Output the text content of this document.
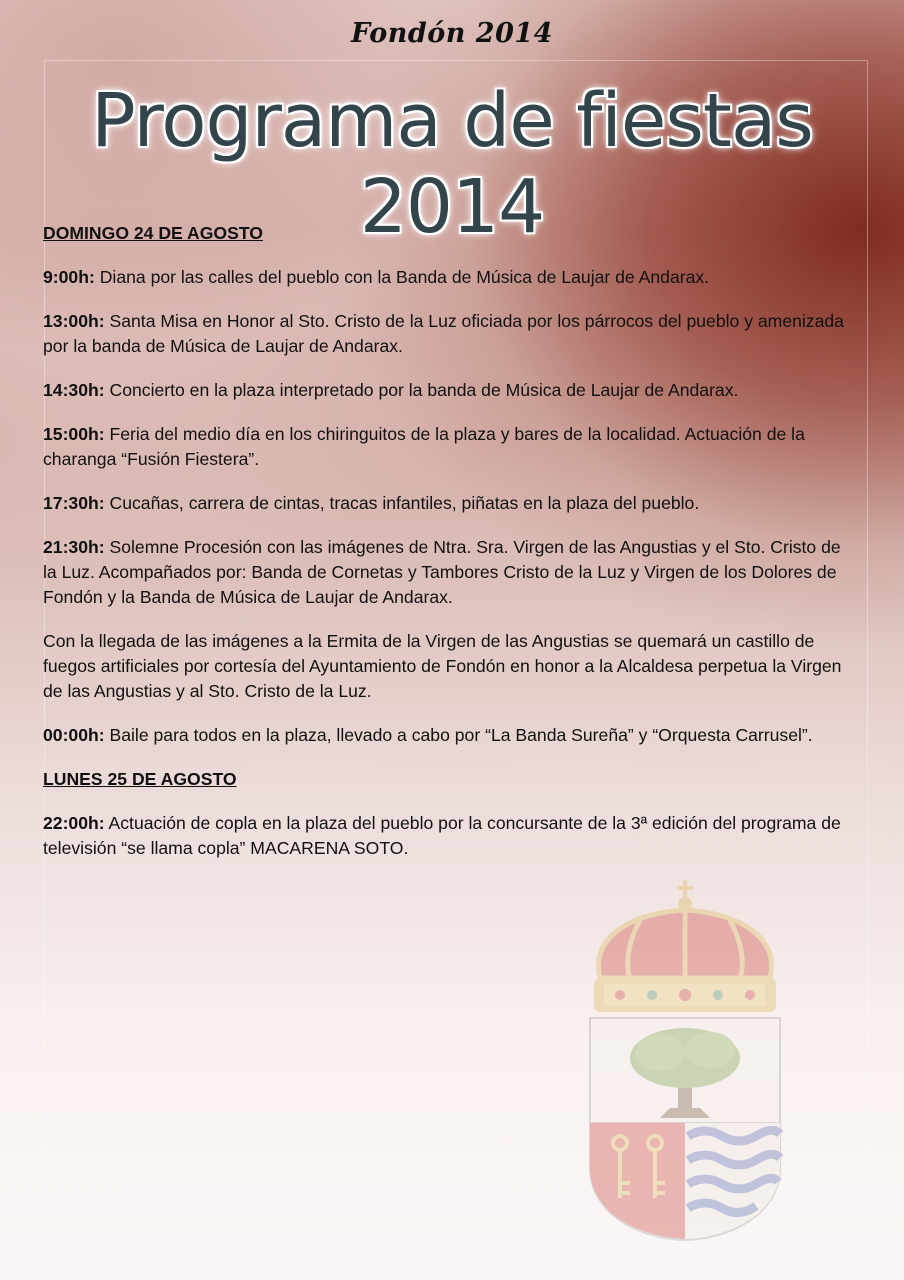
Fondón 2014
Programa de fiestas 2014
DOMINGO 24 DE AGOSTO
9:00h: Diana por las calles del pueblo con la Banda de Música de Laujar de Andarax.
13:00h: Santa Misa en Honor al Sto. Cristo de la Luz oficiada por los párrocos del pueblo y amenizada por la banda de Música de Laujar de Andarax.
14:30h: Concierto en la plaza interpretado por la banda de Música de Laujar de Andarax.
15:00h: Feria del medio día en los chiringuitos de la plaza y bares de la localidad. Actuación de la charanga “Fusión Fiestera”.
17:30h: Cucañas, carrera de cintas, tracas infantiles, piñatas en la plaza del pueblo.
21:30h: Solemne Procesión con las imágenes de Ntra. Sra. Virgen de las Angustias y el Sto. Cristo de la Luz. Acompañados por: Banda de Cornetas y Tambores Cristo de la Luz y Virgen de los Dolores de Fondón y la Banda de Música de Laujar de Andarax.
Con la llegada de las imágenes a la Ermita de la Virgen de las Angustias se quemará un castillo de fuegos artificiales por cortesía del Ayuntamiento de Fondón en honor a la Alcaldesa perpetua la Virgen de las Angustias y al Sto. Cristo de la Luz.
00:00h: Baile para todos en la plaza, llevado a cabo por “La Banda Sureña” y “Orquesta Carrusel”.
LUNES 25 DE AGOSTO
22:00h: Actuación de copla en la plaza del pueblo por la concursante de la 3ª edición del programa de televisión “se llama copla” MACARENA SOTO.
